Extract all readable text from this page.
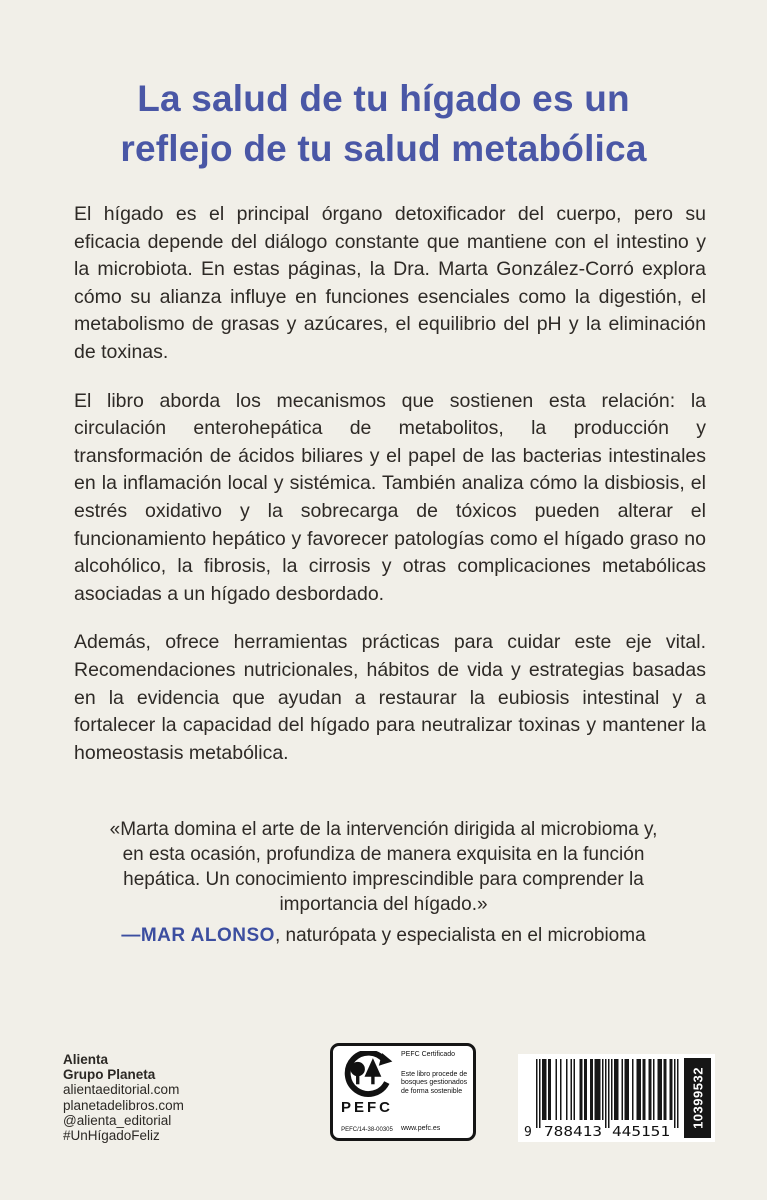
La salud de tu hígado es un
reflejo de tu salud metabólica

El hígado es el principal órgano detoxificador del cuerpo, pero su eficacia depende del diálogo constante que mantiene con el intestino y la microbiota. En estas páginas, la Dra. Marta González-Corró explora cómo su alianza influye en funciones esenciales como la digestión, el metabolismo de grasas y azúcares, el equilibrio del pH y la eliminación de toxinas.

El libro aborda los mecanismos que sostienen esta relación: la circulación enterohepática de metabolitos, la producción y transformación de ácidos biliares y el papel de las bacterias intestinales en la inflamación local y sistémica. También analiza cómo la disbiosis, el estrés oxidativo y la sobrecarga de tóxicos pueden alterar el funcionamiento hepático y favorecer patologías como el hígado graso no alcohólico, la fibrosis, la cirrosis y otras complicaciones metabólicas asociadas a un hígado desbordado.

Además, ofrece herramientas prácticas para cuidar este eje vital. Recomendaciones nutricionales, hábitos de vida y estrategias basadas en la evidencia que ayudan a restaurar la eubiosis intestinal y a fortalecer la capacidad del hígado para neutralizar toxinas y mantener la homeostasis metabólica.

«Marta domina el arte de la intervención dirigida al microbioma y, en esta ocasión, profundiza de manera exquisita en la función hepática. Un conocimiento imprescindible para comprender la importancia del hígado.»
—MAR ALONSO, naturópata y especialista en el microbioma
Alienta
Grupo Planeta
alientaeditorial.com
planetadelibros.com
@alienta_editorial
#UnHígadoFeliz
PEFC
PEFC/14-38-00305
PEFC Certificado
Este libro procede de bosques gestionados de forma sostenible
www.pefc.es	9 788413 445151
10399532
